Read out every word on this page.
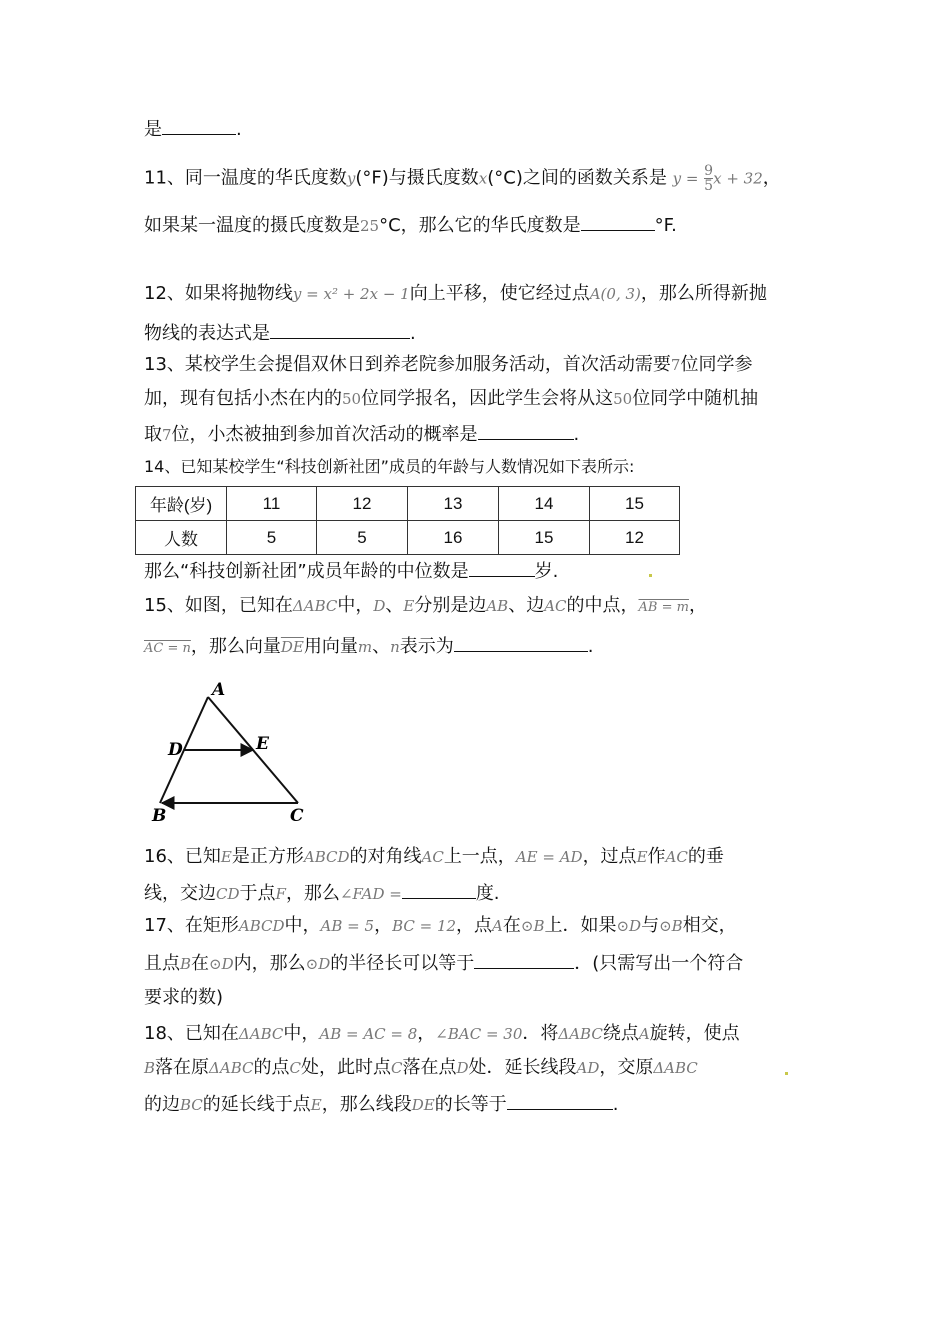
是	.
11、同一温度的华氏度数y(°F)与摄氏度数x(°C)之间的函数关系是 $y = \frac{9}{5}$ x + 32，
如果某一温度的摄氏度数是25°C，那么它的华氏度数是	°F.
12、如果将抛物线y = x² + 2x − 1向上平移，使它经过点A(0, 3)，那么所得新抛
物线的表达式是	.
13、某校学生会提倡双休日到养老院参加服务活动，首次活动需要7位同学参
加，现有包括小杰在内的50位同学报名，因此学生会将从这50位同学中随机抽
取7位，小杰被抽到参加首次活动的概率是	.
14、已知某校学生“科技创新社团”成员的年龄与人数情况如下表所示:
年龄(岁)	11	12	13	14	15
人数	5	5	16	15	12
那么“科技创新社团”成员年龄的中位数是	岁.
15、如图，已知在ΔABC中，D、E分别是边AB、边AC的中点，AB = m，
AC = n，那么向量$\overline{DE}$用向量m、n表示为	.
A
D	E
B	C
16、已知E是正方形ABCD的对角线AC上一点，AE = AD，过点E作AC的垂
线，交边CD于点F，那么∠FAD =	度.
17、在矩形ABCD中，AB = 5，BC = 12，点A在⊙B上．如果⊙D与⊙B相交，
且点B在⊙D内，那么⊙D的半径长可以等于	．(只需写出一个符合
要求的数)
18、已知在ΔABC中，AB = AC = 8，∠BAC = 30．将ΔABC绕点A旋转，使点
B落在原ΔABC的点C处，此时点C落在点D处．延长线段AD，交原ΔABC
的边BC的延长线于点E，那么线段DE的长等于	.
